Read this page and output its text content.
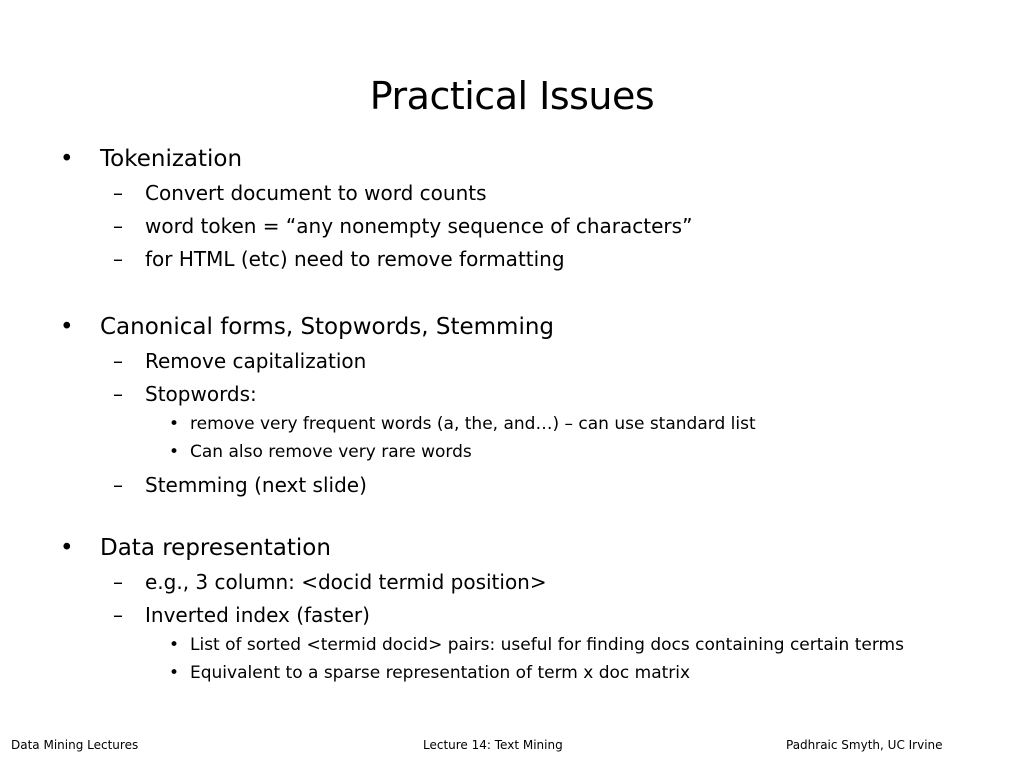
Practical Issues
• Tokenization
– Convert document to word counts
– word token = “any nonempty sequence of characters”
– for HTML (etc) need to remove formatting
• Canonical forms, Stopwords, Stemming
– Remove capitalization
– Stopwords:
• remove very frequent words (a, the, and…) – can use standard list
• Can also remove very rare words
– Stemming (next slide)
• Data representation
– e.g., 3 column: <docid termid position>
– Inverted index (faster)
• List of sorted <termid docid> pairs: useful for finding docs containing certain terms
• Equivalent to a sparse representation of term x doc matrix
Data Mining Lectures	Lecture 14: Text Mining	Padhraic Smyth, UC Irvine
